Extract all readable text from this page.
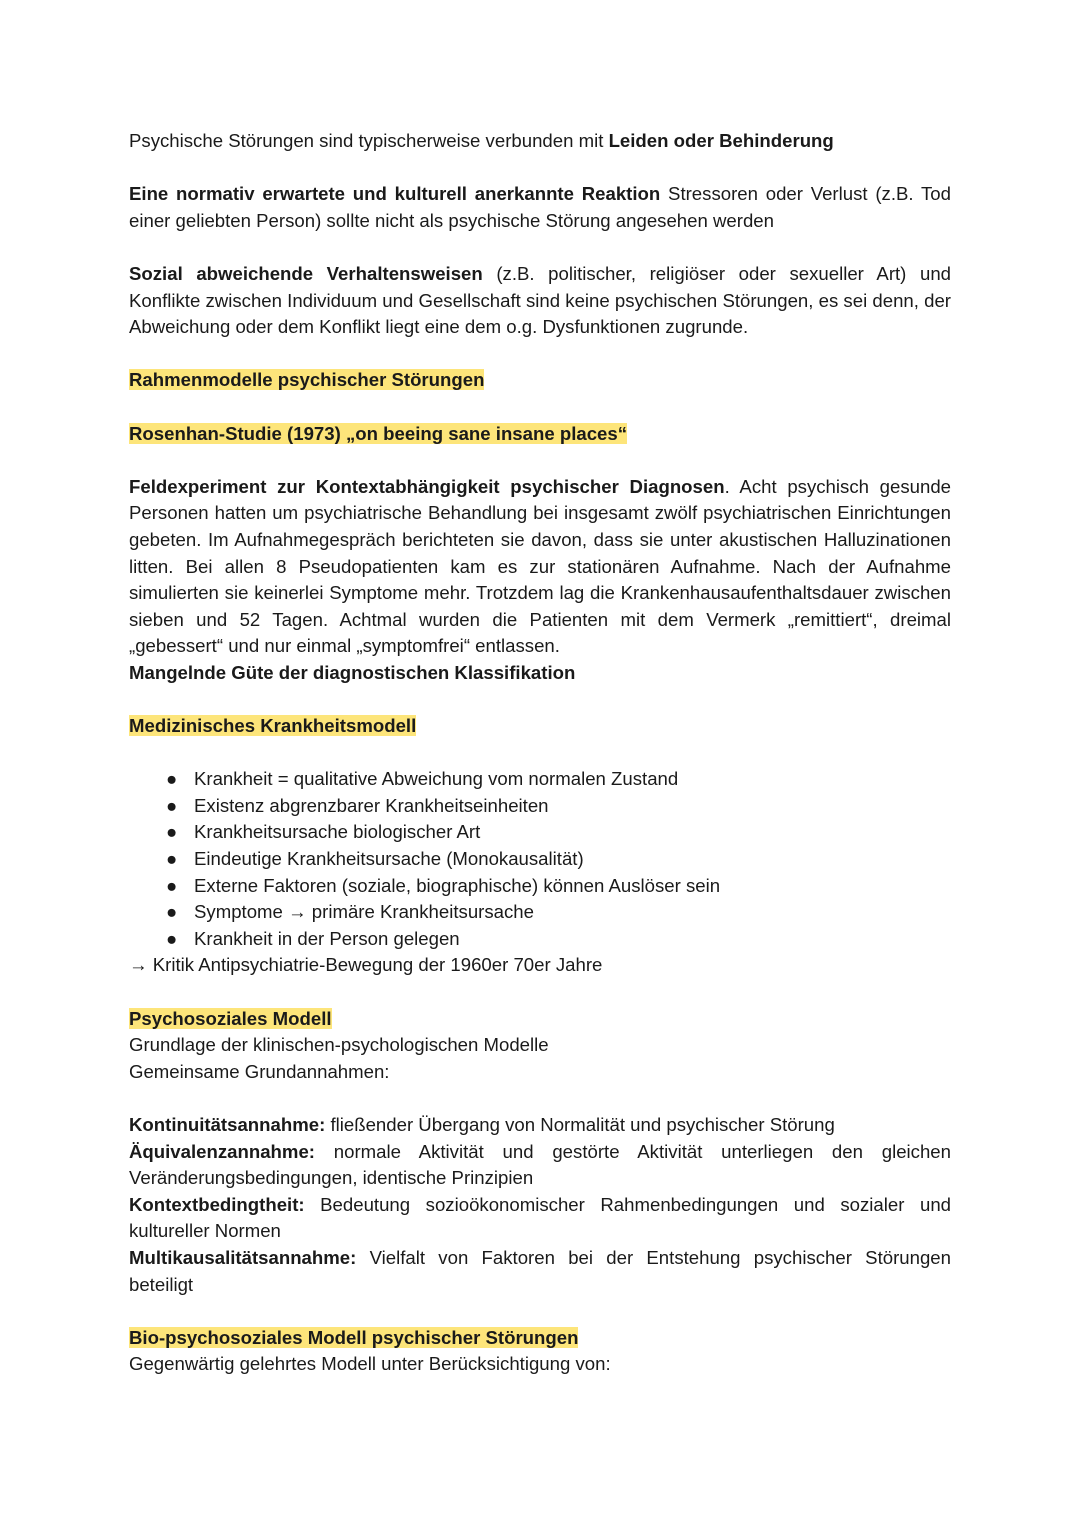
Psychische Störungen sind typischerweise verbunden mit Leiden oder Behinderung

Eine normativ erwartete und kulturell anerkannte Reaktion Stressoren oder Verlust (z.B. Tod einer geliebten Person) sollte nicht als psychische Störung angesehen werden

Sozial abweichende Verhaltensweisen (z.B. politischer, religiöser oder sexueller Art) und Konflikte zwischen Individuum und Gesellschaft sind keine psychischen Störungen, es sei denn, der Abweichung oder dem Konflikt liegt eine dem o.g. Dysfunktionen zugrunde.

Rahmenmodelle psychischer Störungen

Rosenhan-Studie (1973) „on beeing sane insane places“

Feldexperiment zur Kontextabhängigkeit psychischer Diagnosen. Acht psychisch gesunde Personen hatten um psychiatrische Behandlung bei insgesamt zwölf psychiatrischen Einrichtungen gebeten. Im Aufnahmegespräch berichteten sie davon, dass sie unter akustischen Halluzinationen litten. Bei allen 8 Pseudopatienten kam es zur stationären Aufnahme. Nach der Aufnahme simulierten sie keinerlei Symptome mehr. Trotzdem lag die Krankenhausaufenthaltsdauer zwischen sieben und 52 Tagen. Achtmal wurden die Patienten mit dem Vermerk „remittiert“, dreimal „gebessert“ und nur einmal „symptomfrei“ entlassen.

Mangelnde Güte der diagnostischen Klassifikation

Medizinisches Krankheitsmodell

● Krankheit = qualitative Abweichung vom normalen Zustand
● Existenz abgrenzbarer Krankheitseinheiten
● Krankheitsursache biologischer Art
● Eindeutige Krankheitsursache (Monokausalität)
● Externe Faktoren (soziale, biographische) können Auslöser sein
● Symptome → primäre Krankheitsursache
● Krankheit in der Person gelegen

→ Kritik Antipsychiatrie-Bewegung der 1960er 70er Jahre

Psychosoziales Modell

Grundlage der klinischen-psychologischen Modelle

Gemeinsame Grundannahmen:

Kontinuitätsannahme: fließender Übergang von Normalität und psychischer Störung

Äquivalenzannahme: normale Aktivität und gestörte Aktivität unterliegen den gleichen Veränderungsbedingungen, identische Prinzipien

Kontextbedingtheit: Bedeutung sozioökonomischer Rahmenbedingungen und sozialer und kultureller Normen

Multikausalitätsannahme: Vielfalt von Faktoren bei der Entstehung psychischer Störungen beteiligt

Bio-psychosoziales Modell psychischer Störungen

Gegenwärtig gelehrtes Modell unter Berücksichtigung von:
